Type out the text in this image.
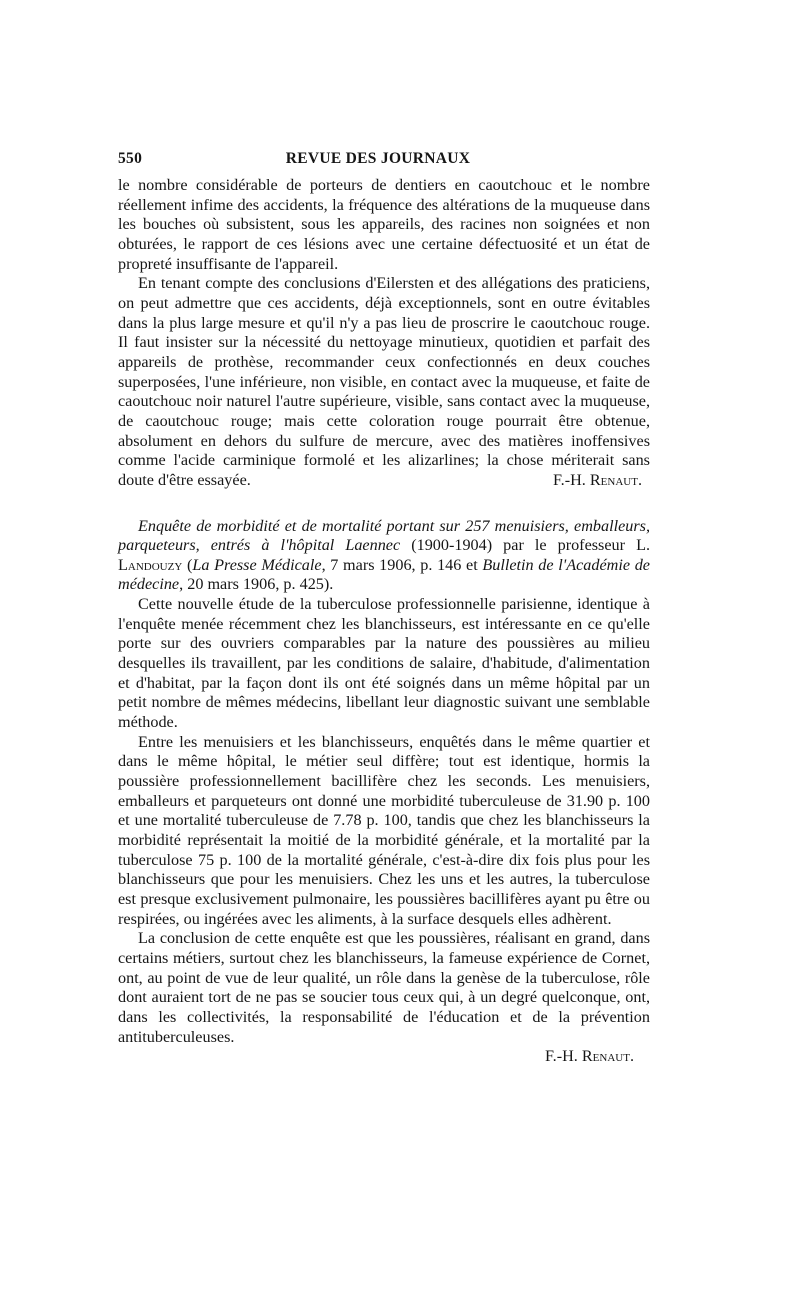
550	REVUE DES JOURNAUX

le nombre considérable de porteurs de dentiers en caoutchouc et le nombre réellement infime des accidents, la fréquence des altérations de la muqueuse dans les bouches où subsistent, sous les appareils, des racines non soignées et non obturées, le rapport de ces lésions avec une certaine défectuosité et un état de propreté insuffisante de l'appareil.

En tenant compte des conclusions d'Eilersten et des allégations des praticiens, on peut admettre que ces accidents, déjà exceptionnels, sont en outre évitables dans la plus large mesure et qu'il n'y a pas lieu de proscrire le caoutchouc rouge. Il faut insister sur la nécessité du nettoyage minutieux, quotidien et parfait des appareils de prothèse, recommander ceux confectionnés en deux couches superposées, l'une inférieure, non visible, en contact avec la muqueuse, et faite de caoutchouc noir naturel l'autre supérieure, visible, sans contact avec la muqueuse, de caoutchouc rouge; mais cette coloration rouge pourrait être obtenue, absolument en dehors du sulfure de mercure, avec des matières inoffensives comme l'acide carminique formolé et les alizarlines; la chose mériterait sans doute d'être essayée.	F.-H. Renaut.

Enquête de morbidité et de mortalité portant sur 257 menuisiers, emballeurs, parqueteurs, entrés à l'hôpital Laennec (1900-1904) par le professeur L. Landouzy (La Presse Médicale, 7 mars 1906, p. 146 et Bulletin de l'Académie de médecine, 20 mars 1906, p. 425).

Cette nouvelle étude de la tuberculose professionnelle parisienne, identique à l'enquête menée récemment chez les blanchisseurs, est intéressante en ce qu'elle porte sur des ouvriers comparables par la nature des poussières au milieu desquelles ils travaillent, par les conditions de salaire, d'habitude, d'alimentation et d'habitat, par la façon dont ils ont été soignés dans un même hôpital par un petit nombre de mêmes médecins, libellant leur diagnostic suivant une semblable méthode.

Entre les menuisiers et les blanchisseurs, enquêtés dans le même quartier et dans le même hôpital, le métier seul diffère; tout est identique, hormis la poussière professionnellement bacillifère chez les seconds. Les menuisiers, emballeurs et parqueteurs ont donné une morbidité tuberculeuse de 31.90 p. 100 et une mortalité tuberculeuse de 7.78 p. 100, tandis que chez les blanchisseurs la morbidité représentait la moitié de la morbidité générale, et la mortalité par la tuberculose 75 p. 100 de la mortalité générale, c'est-à-dire dix fois plus pour les blanchisseurs que pour les menuisiers. Chez les uns et les autres, la tuberculose est presque exclusivement pulmonaire, les poussières bacillifères ayant pu être ou respirées, ou ingérées avec les aliments, à la surface desquels elles adhèrent.

La conclusion de cette enquête est que les poussières, réalisant en grand, dans certains métiers, surtout chez les blanchisseurs, la fameuse expérience de Cornet, ont, au point de vue de leur qualité, un rôle dans la genèse de la tuberculose, rôle dont auraient tort de ne pas se soucier tous ceux qui, à un degré quelconque, ont, dans les collectivités, la responsabilité de l'éducation et de la prévention antituberculeuses.

F.-H. Renaut.
